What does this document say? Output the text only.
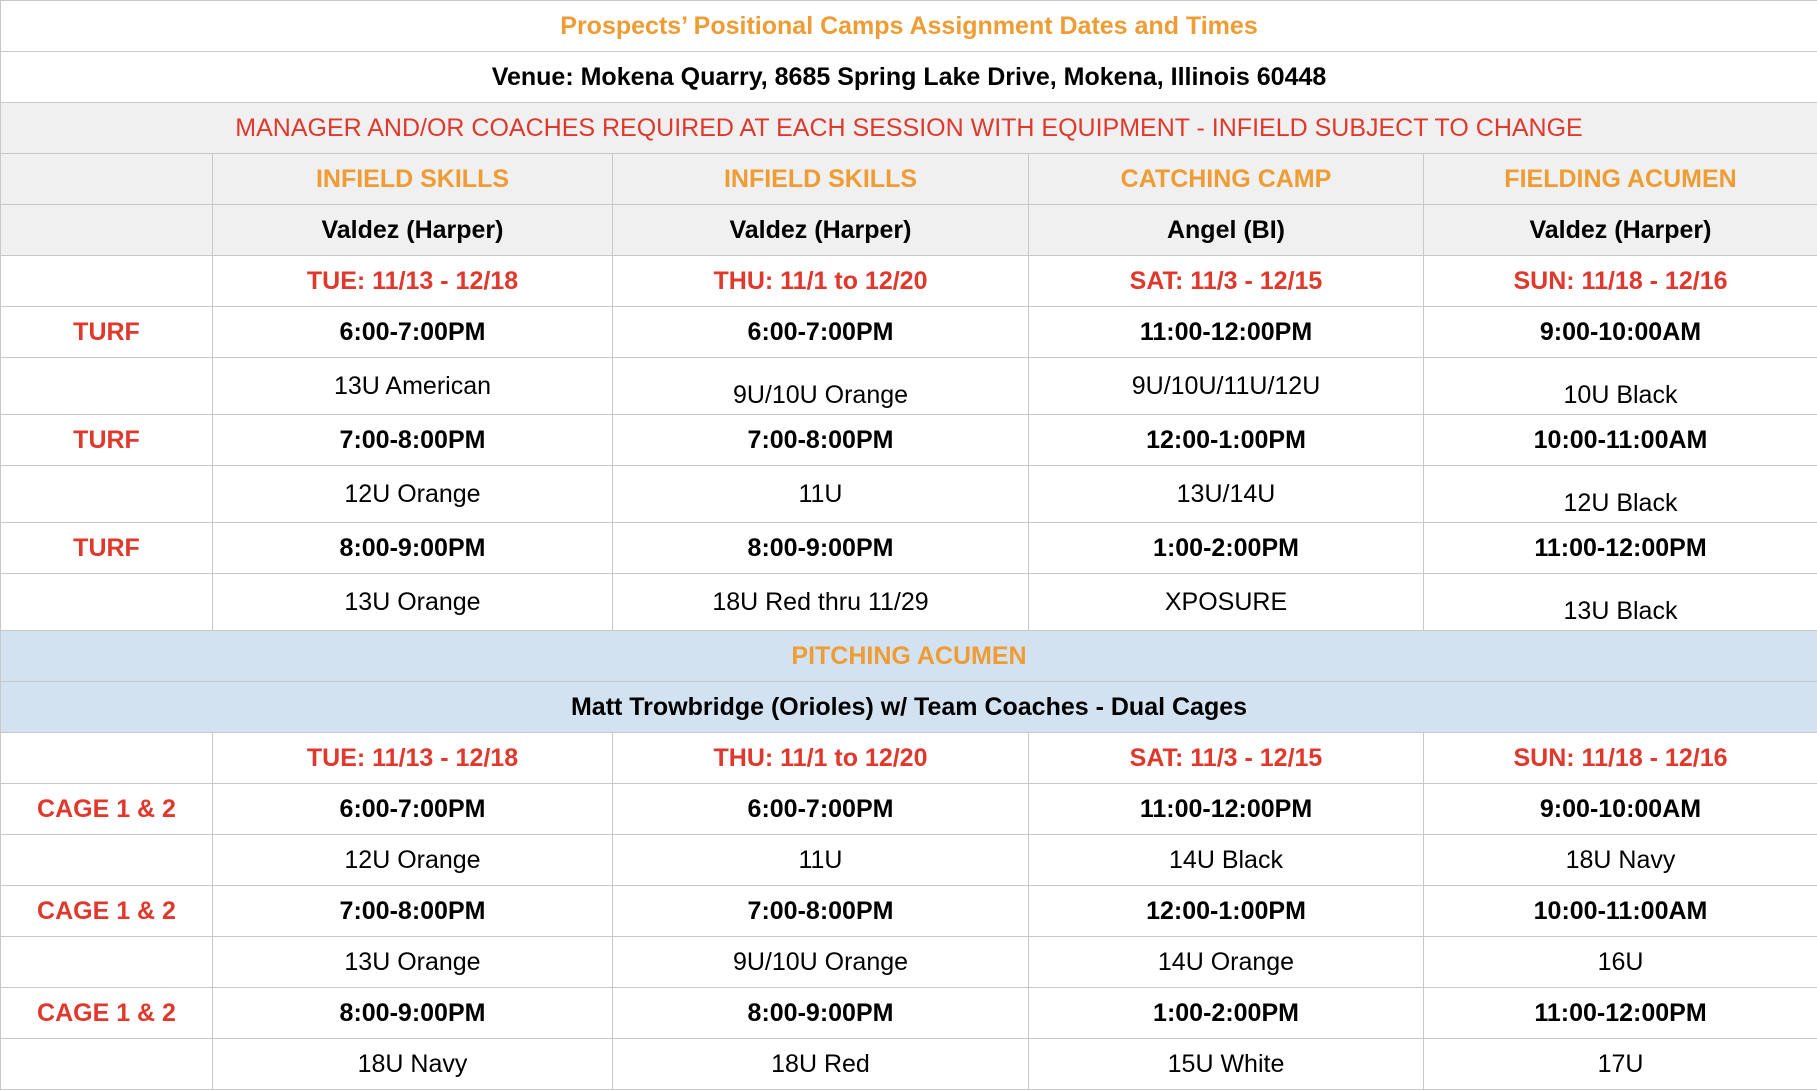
Prospects’ Positional Camps Assignment Dates and Times				
Venue: Mokena Quarry, 8685 Spring Lake Drive, Mokena, Illinois 60448				
MANAGER AND/OR COACHES REQUIRED AT EACH SESSION WITH EQUIPMENT - INFIELD SUBJECT TO CHANGE				
	INFIELD SKILLS	INFIELD SKILLS	CATCHING CAMP	FIELDING ACUMEN
	Valdez (Harper)	Valdez (Harper)	Angel (BI)	Valdez (Harper)
	TUE: 11/13 - 12/18	THU: 11/1 to 12/20	SAT: 11/3 - 12/15	SUN: 11/18 - 12/16
TURF	6:00-7:00PM	6:00-7:00PM	11:00-12:00PM	9:00-10:00AM
	13U American	9U/10U Orange	9U/10U/11U/12U	10U Black
TURF	7:00-8:00PM	7:00-8:00PM	12:00-1:00PM	10:00-11:00AM
	12U Orange	11U	13U/14U	12U Black
TURF	8:00-9:00PM	8:00-9:00PM	1:00-2:00PM	11:00-12:00PM
	13U Orange	18U Red thru 11/29	XPOSURE	13U Black
PITCHING ACUMEN				
Matt Trowbridge (Orioles) w/ Team Coaches - Dual Cages				
	TUE: 11/13 - 12/18	THU: 11/1 to 12/20	SAT: 11/3 - 12/15	SUN: 11/18 - 12/16
CAGE 1 & 2	6:00-7:00PM	6:00-7:00PM	11:00-12:00PM	9:00-10:00AM
	12U Orange	11U	14U Black	18U Navy
CAGE 1 & 2	7:00-8:00PM	7:00-8:00PM	12:00-1:00PM	10:00-11:00AM
	13U Orange	9U/10U Orange	14U Orange	16U
CAGE 1 & 2	8:00-9:00PM	8:00-9:00PM	1:00-2:00PM	11:00-12:00PM
	18U Navy	18U Red	15U White	17U
